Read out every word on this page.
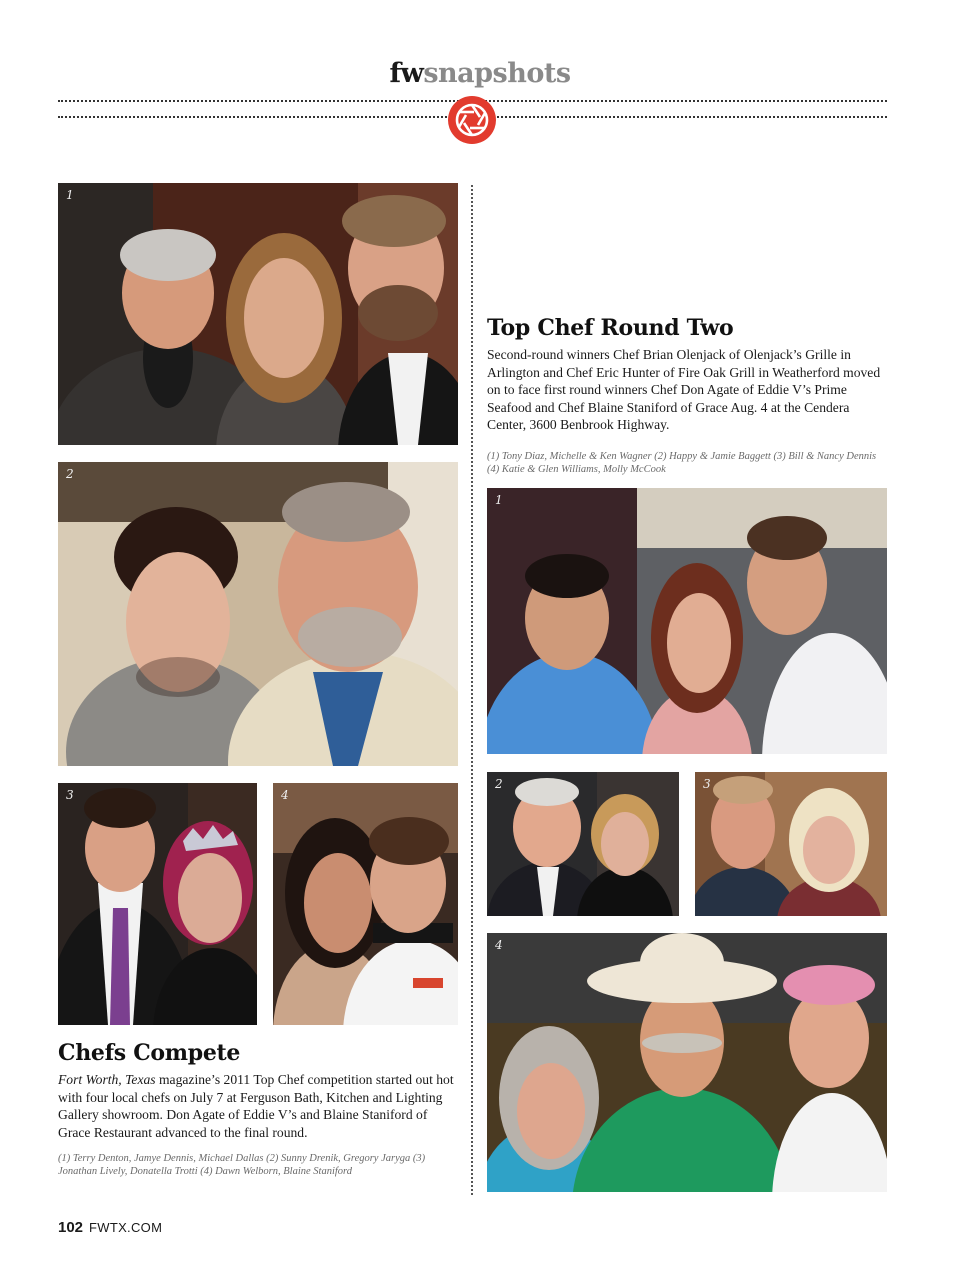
fwsnapshots
1
2
3	4
Chefs Compete
Fort Worth, Texas magazine’s 2011 Top Chef competition started out hot with four local chefs on July 7 at Ferguson Bath, Kitchen and Lighting Gallery showroom. Don Agate of Eddie V’s and Blaine Staniford of Grace Restaurant advanced to the final round.
(1) Terry Denton, Jamye Dennis, Michael Dallas (2) Sunny Drenik, Gregory Jaryga (3) Jonathan Lively, Donatella Trotti (4) Dawn Welborn, Blaine Staniford
Top Chef Round Two
Second-round winners Chef Brian Olenjack of Olenjack’s Grille in Arlington and Chef Eric Hunter of Fire Oak Grill in Weatherford moved on to face first round winners Chef Don Agate of Eddie V’s Prime Seafood and Chef Blaine Staniford of Grace Aug. 4 at the Cendera Center, 3600 Benbrook Highway.
(1) Tony Diaz, Michelle & Ken Wagner (2) Happy & Jamie Baggett (3) Bill & Nancy Dennis (4) Katie & Glen Williams, Molly McCook
1
2	3
4
102 FWTX.COM
